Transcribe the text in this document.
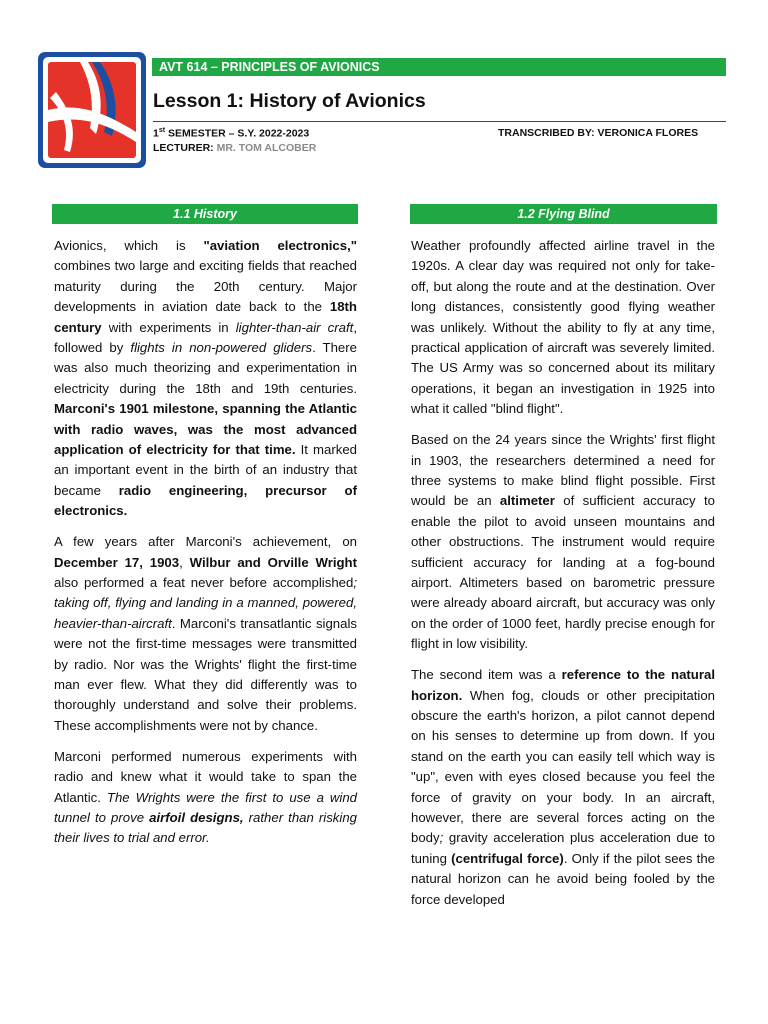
AVT 614 – PRINCIPLES OF AVIONICS
Lesson 1: History of Avionics
1st SEMESTER – S.Y. 2022-2023	TRANSCRIBED BY: VERONICA FLORES
LECTURER: MR. TOM ALCOBER
1.1 History	1.2 Flying Blind

Avionics, which is "aviation electronics," combines two large and exciting fields that reached maturity during the 20th century. Major developments in aviation date back to the 18th century with experiments in lighter-than-air craft, followed by flights in non-powered gliders. There was also much theorizing and experimentation in electricity during the 18th and 19th centuries. Marconi's 1901 milestone, spanning the Atlantic with radio waves, was the most advanced application of electricity for that time. It marked an important event in the birth of an industry that became radio engineering, precursor of electronics.

A few years after Marconi's achievement, on December 17, 1903, Wilbur and Orville Wright also performed a feat never before accomplished; taking off, flying and landing in a manned, powered, heavier-than-aircraft. Marconi's transatlantic signals were not the first-time messages were transmitted by radio. Nor was the Wrights' flight the first-time man ever flew. What they did differently was to thoroughly understand and solve their problems. These accomplishments were not by chance.

Marconi performed numerous experiments with radio and knew what it would take to span the Atlantic. The Wrights were the first to use a wind tunnel to prove airfoil designs, rather than risking their lives to trial and error.

Weather profoundly affected airline travel in the 1920s. A clear day was required not only for take-off, but along the route and at the destination. Over long distances, consistently good flying weather was unlikely. Without the ability to fly at any time, practical application of aircraft was severely limited. The US Army was so concerned about its military operations, it began an investigation in 1925 into what it called "blind flight".

Based on the 24 years since the Wrights' first flight in 1903, the researchers determined a need for three systems to make blind flight possible. First would be an altimeter of sufficient accuracy to enable the pilot to avoid unseen mountains and other obstructions. The instrument would require sufficient accuracy for landing at a fog-bound airport. Altimeters based on barometric pressure were already aboard aircraft, but accuracy was only on the order of 1000 feet, hardly precise enough for flight in low visibility.

The second item was a reference to the natural horizon. When fog, clouds or other precipitation obscure the earth's horizon, a pilot cannot depend on his senses to determine up from down. If you stand on the earth you can easily tell which way is "up", even with eyes closed because you feel the force of gravity on your body. In an aircraft, however, there are several forces acting on the body; gravity acceleration plus acceleration due to tuning (centrifugal force). Only if the pilot sees the natural horizon can he avoid being fooled by the force developed
